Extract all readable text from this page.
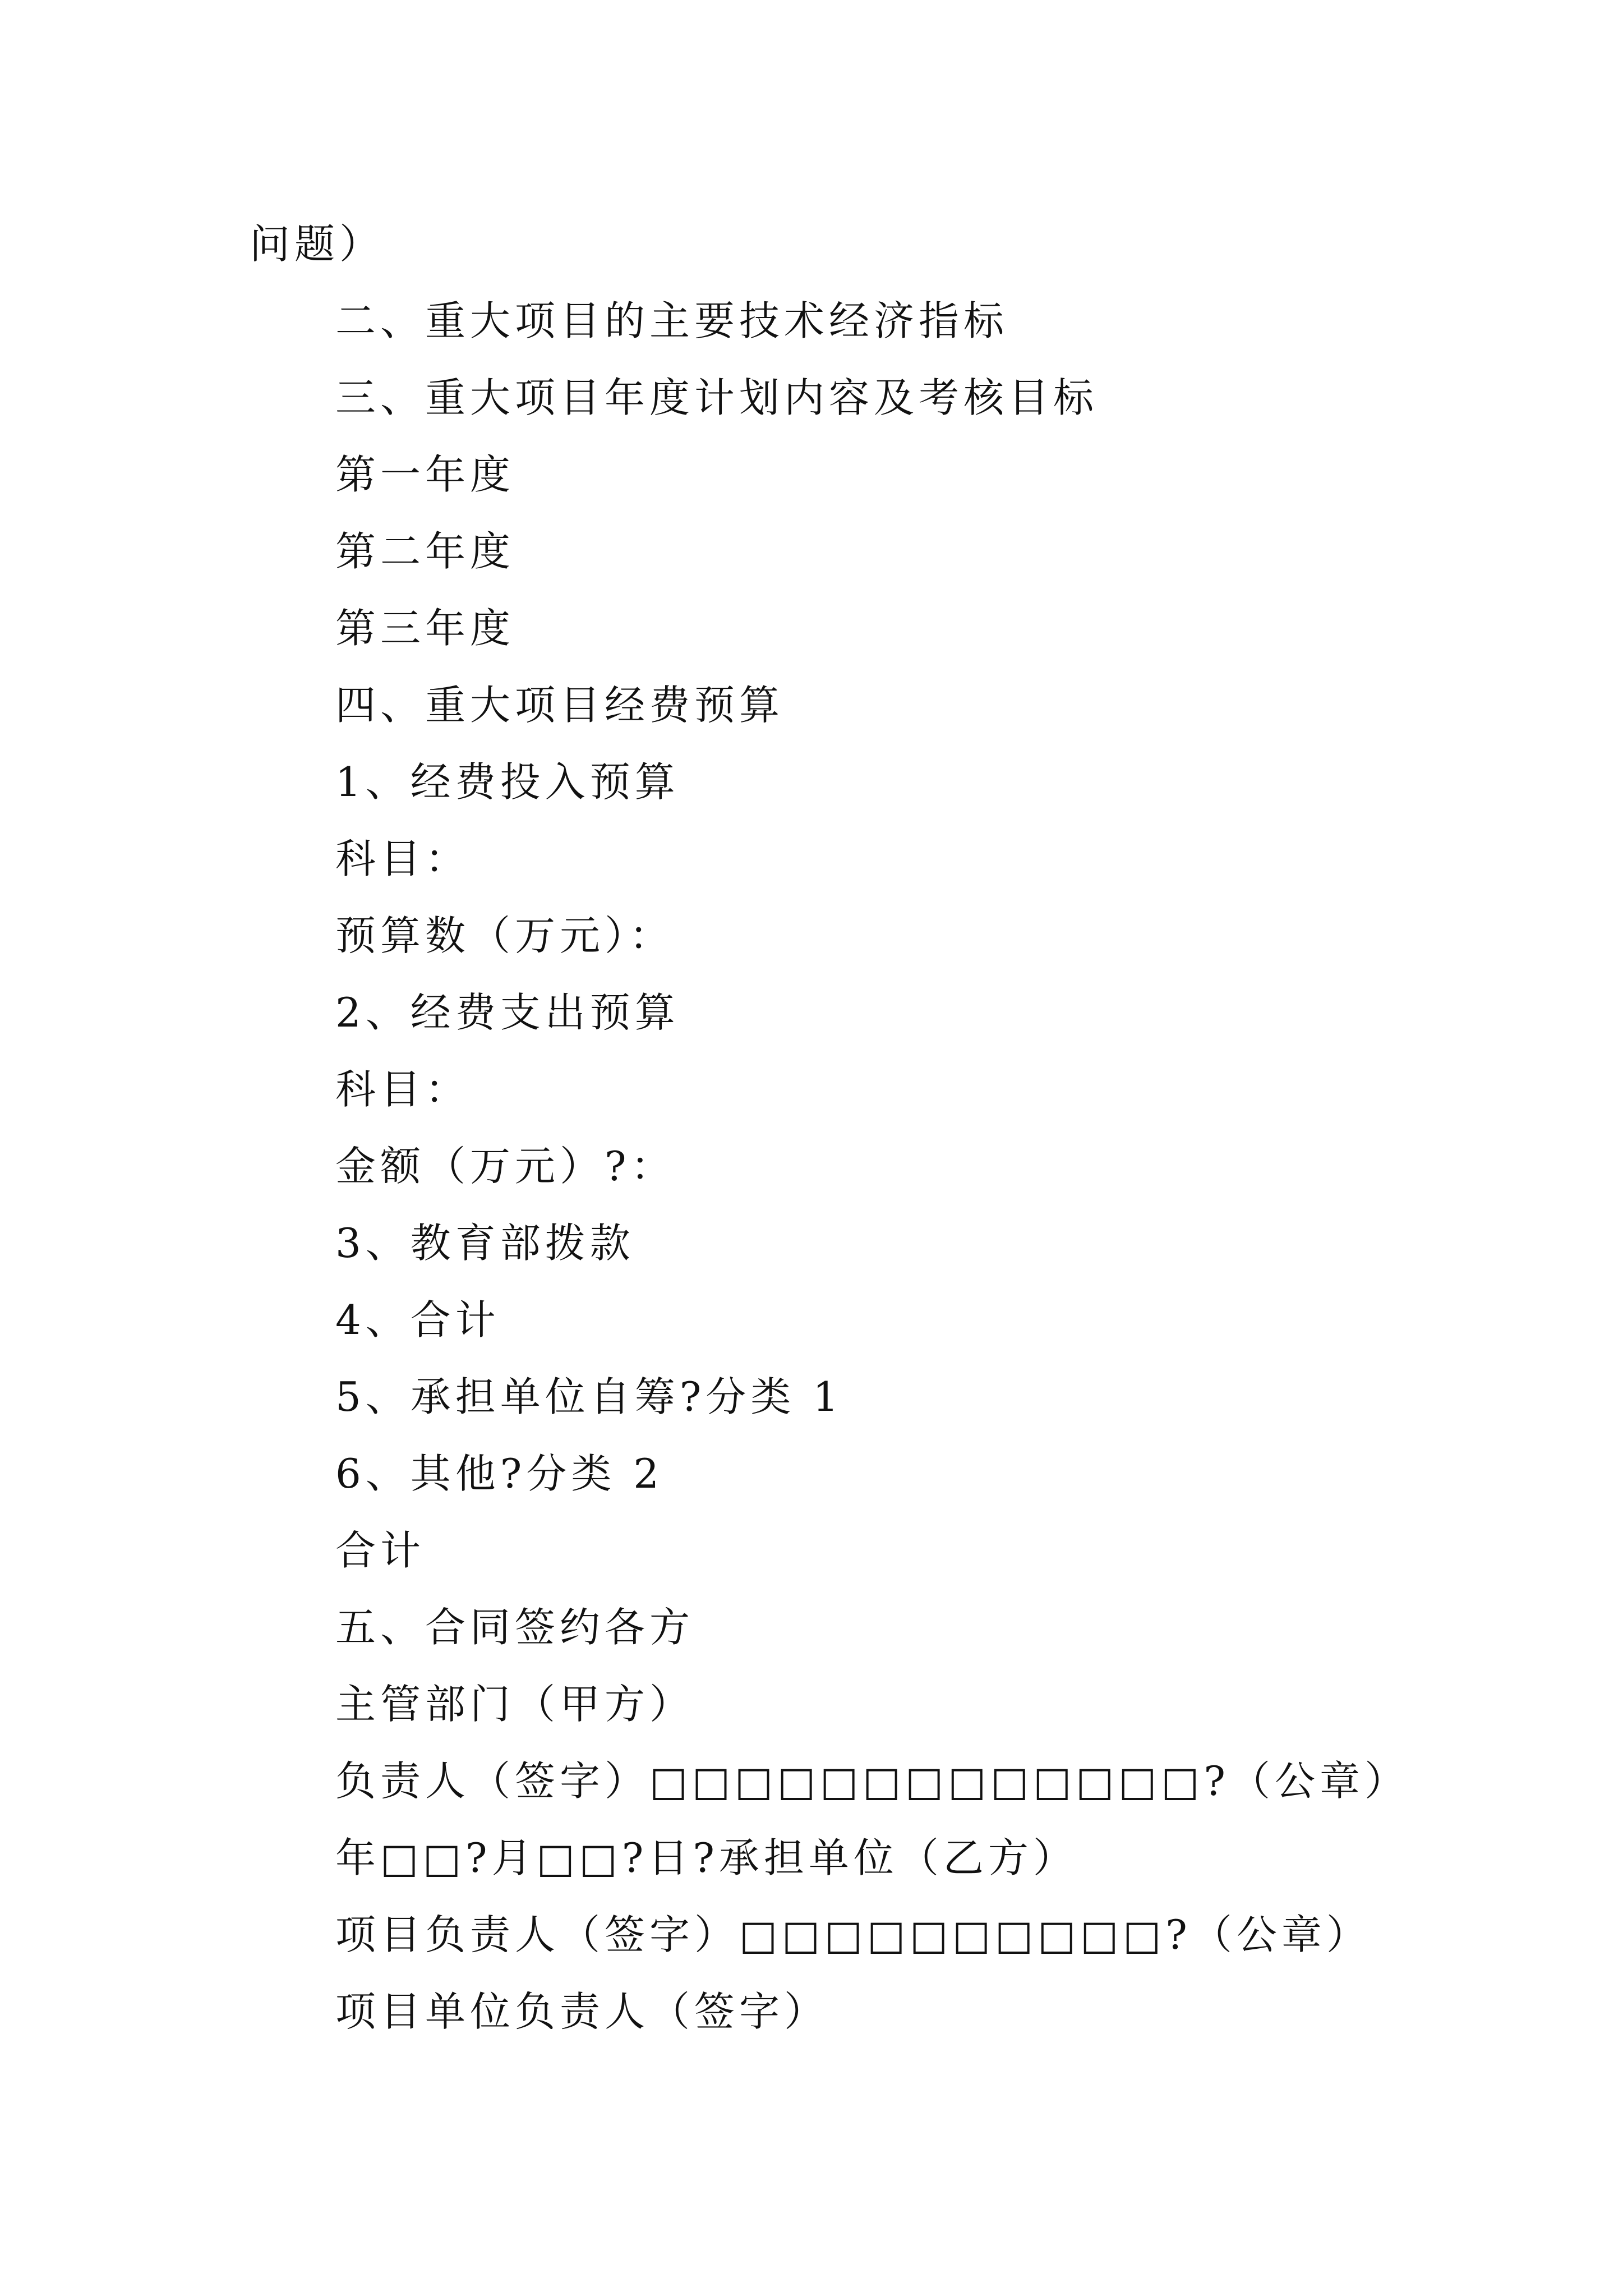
问题）

二、重大项目的主要技术经济指标

三、重大项目年度计划内容及考核目标

第一年度

第二年度

第三年度

四、重大项目经费预算

1、经费投入预算

科目：

预算数（万元）：

2、经费支出预算

科目：

金额（万元）?：

3、教育部拨款

4、合计

5、承担单位自筹?分类 1

6、其他?分类 2

合计

五、合同签约各方

主管部门（甲方）

负责人（签字）□□□□□□□□□□□□□?（公章）

年□□?月□□?日?承担单位（乙方）

项目负责人（签字）□□□□□□□□□□?（公章）

项目单位负责人（签字）
